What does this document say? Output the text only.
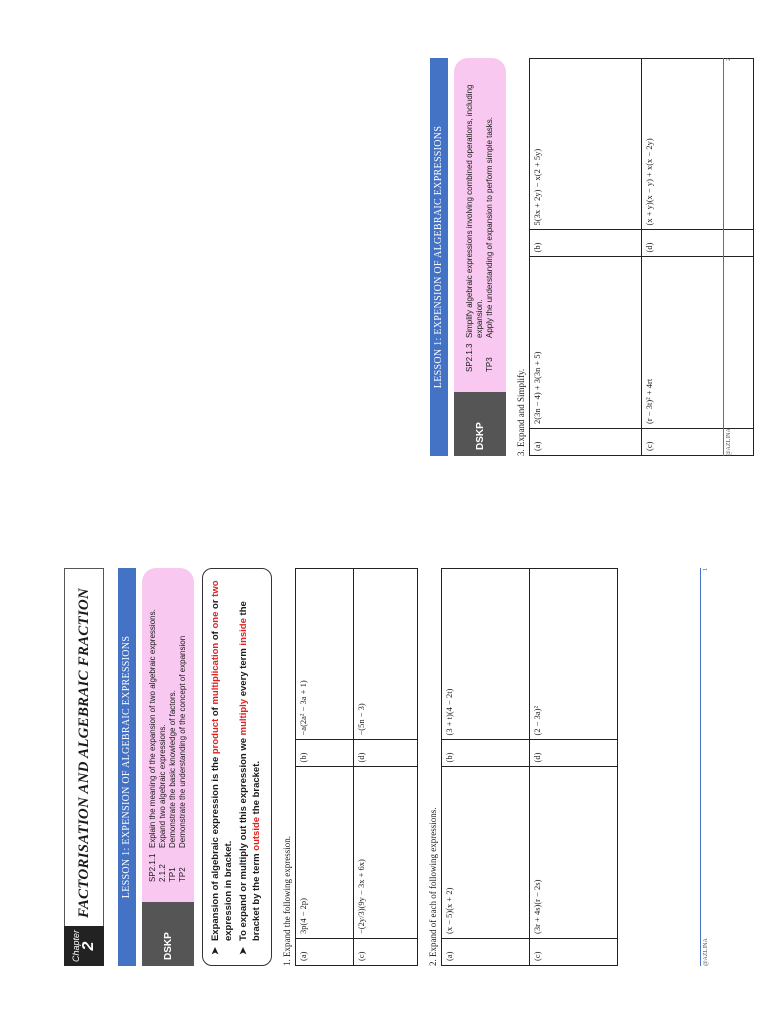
Chapter 2
FACTORISATION AND ALGEBRAIC FRACTION	LESSON 1: EXPENSION OF ALGEBRAIC EXPRESSIONS
DSKP
SP2.1.1
Explain the meaning of the expansion of two algebraic expressions.
2.1.2
Expand two algebraic expressions.
TP1
Demonstrate the basic knowledge of factors.
TP2
Demonstrate the understanding of the concept of expansion
➤
Expansion of algebraic expression is the product of multiplication of one or two expression in bracket.
➤
To expand or multiply out this expression we multiply every term inside the bracket by the term outside the bracket.
1. Expand the following expression. (a)	3p(4 − 2p)	(b)	−a(2a² − 3a + 1)
(c)	−(2y/3)(9y − 3x + 6x)	(d)	−(5n − 3)
2. Expand of each of following expressions. (a)	(x − 5)(x + 2)	(b)	(3 + t)(4 − 2t)
(c)	(3r + 4s)(r − 2s)	(d)	(2 − 3a)²
@AZLINA
1
LESSON 1: EXPENSION OF ALGEBRAIC EXPRESSIONS
DSKP
SP2.1.3
Simplify algebraic expressions involving combined operations, including expansion.
TP3
Apply the understanding of expansion to perform simple tasks.
3. Expand and Simplify. (a)	2(3n − 4) + 3(3n + 5)	(b)	5(3x + 2y) − x(2 + 5y)
(c)	(r − 3t)² + 4rt	(d)	(x + y)(x − y) + x(x − 2y)
@AZLINA
2
